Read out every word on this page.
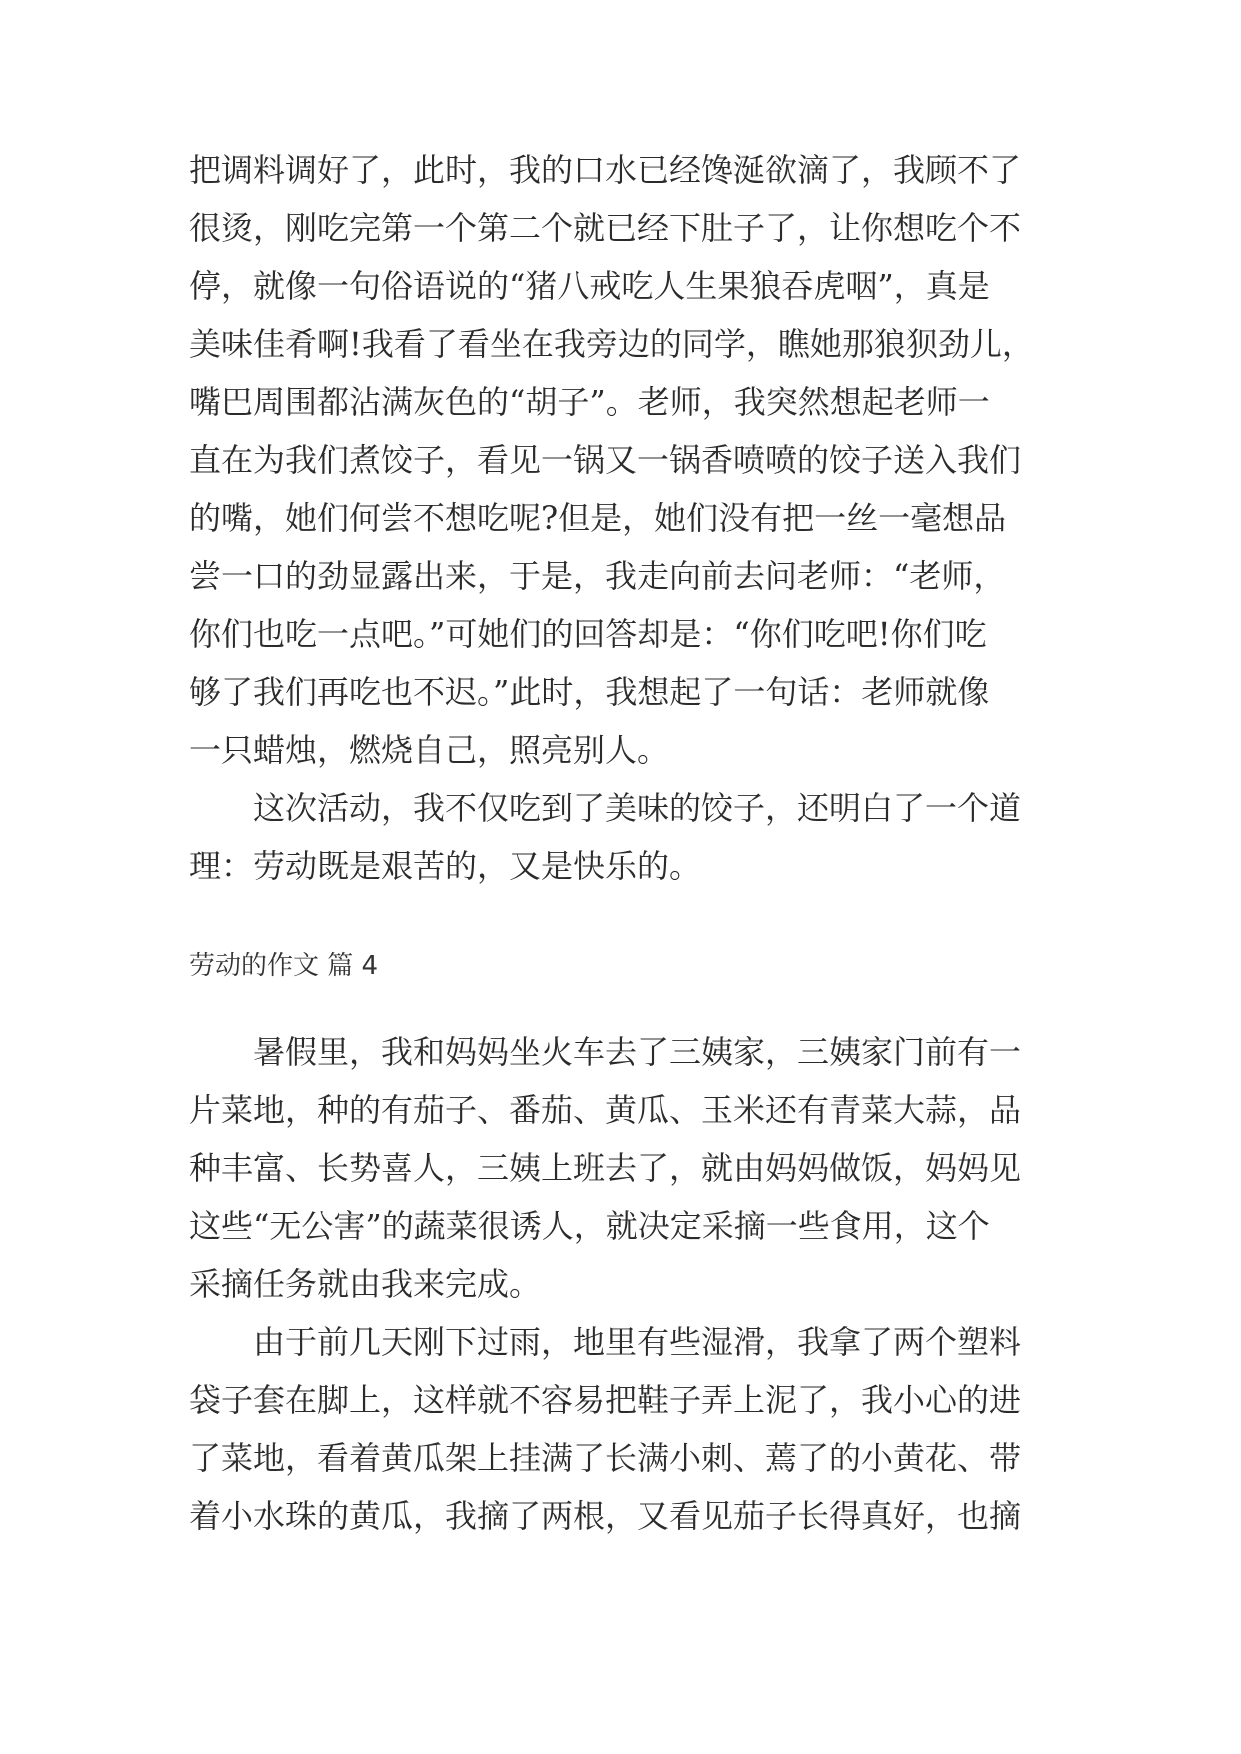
把调料调好了，此时，我的口水已经馋涎欲滴了，我顾不了
很烫，刚吃完第一个第二个就已经下肚子了，让你想吃个不
停，就像一句俗语说的“猪八戒吃人生果狼吞虎咽”，真是
美味佳肴啊!我看了看坐在我旁边的同学，瞧她那狼狈劲儿，
嘴巴周围都沾满灰色的“胡子”。老师，我突然想起老师一
直在为我们煮饺子，看见一锅又一锅香喷喷的饺子送入我们
的嘴，她们何尝不想吃呢?但是，她们没有把一丝一毫想品
尝一口的劲显露出来，于是，我走向前去问老师：“老师，
你们也吃一点吧。”可她们的回答却是：“你们吃吧!你们吃
够了我们再吃也不迟。”此时，我想起了一句话：老师就像
一只蜡烛，燃烧自己，照亮别人。
　　这次活动，我不仅吃到了美味的饺子，还明白了一个道
理：劳动既是艰苦的，又是快乐的。
劳动的作文 篇 4
　　暑假里，我和妈妈坐火车去了三姨家，三姨家门前有一
片菜地，种的有茄子、番茄、黄瓜、玉米还有青菜大蒜，品
种丰富、长势喜人，三姨上班去了，就由妈妈做饭，妈妈见
这些“无公害”的蔬菜很诱人，就决定采摘一些食用，这个
采摘任务就由我来完成。
　　由于前几天刚下过雨，地里有些湿滑，我拿了两个塑料
袋子套在脚上，这样就不容易把鞋子弄上泥了，我小心的进
了菜地，看着黄瓜架上挂满了长满小刺、蔫了的小黄花、带
着小水珠的黄瓜，我摘了两根，又看见茄子长得真好，也摘
